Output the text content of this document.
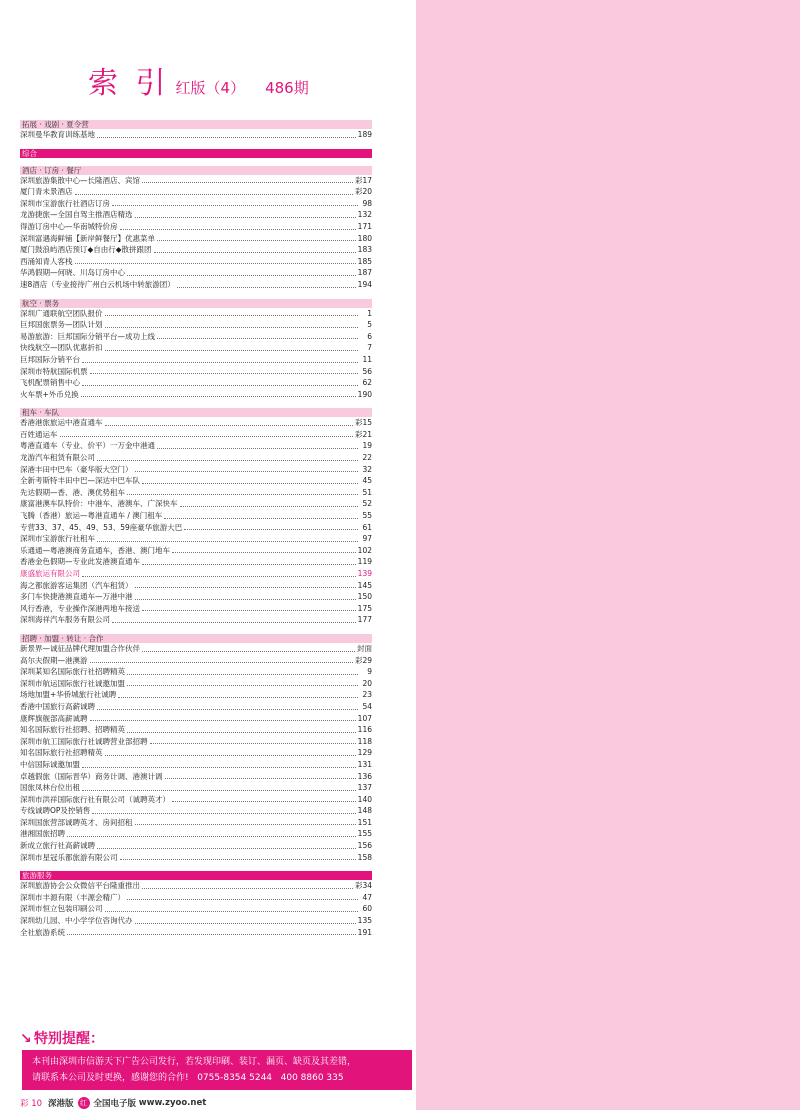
索 引 红版（4） 486期
拓展 · 戏剧 · 夏令营
深圳曼华教育训练基地	189
综合
酒店 · 订房 · 餐厅
深圳旅游集散中心—长隆酒店、宾馆	彩17
厦门青未景酒店	彩20
深圳市宝游旅行社酒店订房	98
龙游捷旅—全国自驾主推酒店精选	132
得游订房中心—华南城特价房	171
深圳富遇海鲜铺【新岸鲜餐厅】优惠菜单	180
厦门鼓浪屿酒店预订◆自由行◆散拼跟团	183
西涌知青人客栈	185
华鸿假期—何晓、川岛订房中心	187
速8酒店（专业接待广州白云机场中转旅游团）	194
航空 · 票务
深圳广通联航空团队报价	1
巨邦国旅票务—团队计划	5
易游旅游：巨邦国际分销平台—成功上线	6
快线航空—团队优惠折扣	7
巨邦国际分销平台	11
深圳市特航国际机票	56
飞机配票销售中心	62
火车票+外币兑换	190
租车 · 车队
香港港旅旅运中港直通车	彩15
百姓通运车	彩21
粤港直通车（专业、价平）一万金中港通	19
龙游汽车租赁有限公司	22
深港丰田中巴车（豪华版大空门）	32
全新考斯特丰田中巴—深达中巴车队	45
先达假期—香、港、澳优势租车	51
康富港澳车队特价：中港车、港澳车、广深快车	52
飞腾（香港）旅运—粤港直通车 / 澳门租车	55
专营33、37、45、49、53、59座豪华旅游大巴	61
深圳市宝游旅行社租车	97
乐通通—粤港澳商务直通车，香港、澳门地车	102
香港金色假期—专业此发港澳直通车	119
康盛旅运有限公司	139
海之都旅游客运集团（汽车租赁）	145
多门车快捷港澳直通车—万港中港	150
风行香港，专业操作深港两地车接送	175
深圳海祥汽车服务有限公司	177
招聘 · 加盟 · 转让 · 合作
新景界—诚征品牌代理加盟合作伙伴	封面
高尔夫假期—港澳游	彩29
深圳某知名国际旅行社招聘精英	9
深圳市航运国际旅行社诚邀加盟	20
场地加盟+华侨城旅行社诚聘	23
香港中国旅行高薪诚聘	54
康辉旗舰部高薪诚聘	107
知名国际旅行社招聘、招聘精英	116
深圳市航工国际旅行社诚聘营业部招聘	118
知名国际旅行社招聘精英	129
中信国际诚邀加盟	131
卓越假旅（国际晋华）商务计调、港澳计调	136
国旅凤林台位出租	137
深圳市洪祥国际旅行社有限公司（诚聘英才）	140
专线诚聘OP及控销售	148
深圳国旅营部诚聘英才、房间招租	151
港湘国旅招聘	155
新成立旅行社高薪诚聘	156
深圳市星冠乐都旅游有限公司	158
旅游服务
深圳旅游协会公众微信平台隆重推出	彩34
深圳市丰源有限（丰源会精广）	47
深圳市恒立包装印刷公司	60
深圳幼儿园、中小学学位咨询代办	135
全社旅游系统	191
↘ 特别提醒：
本刊由深圳市信游天下广告公司发行，若发现印刷、装订、漏页、缺页及其差错，
请联系本公司及时更换，感谢您的合作! 0755-8354 5244 400 8860 335
彩 10 深港版 红 全国电子版
www.zyoo.net
